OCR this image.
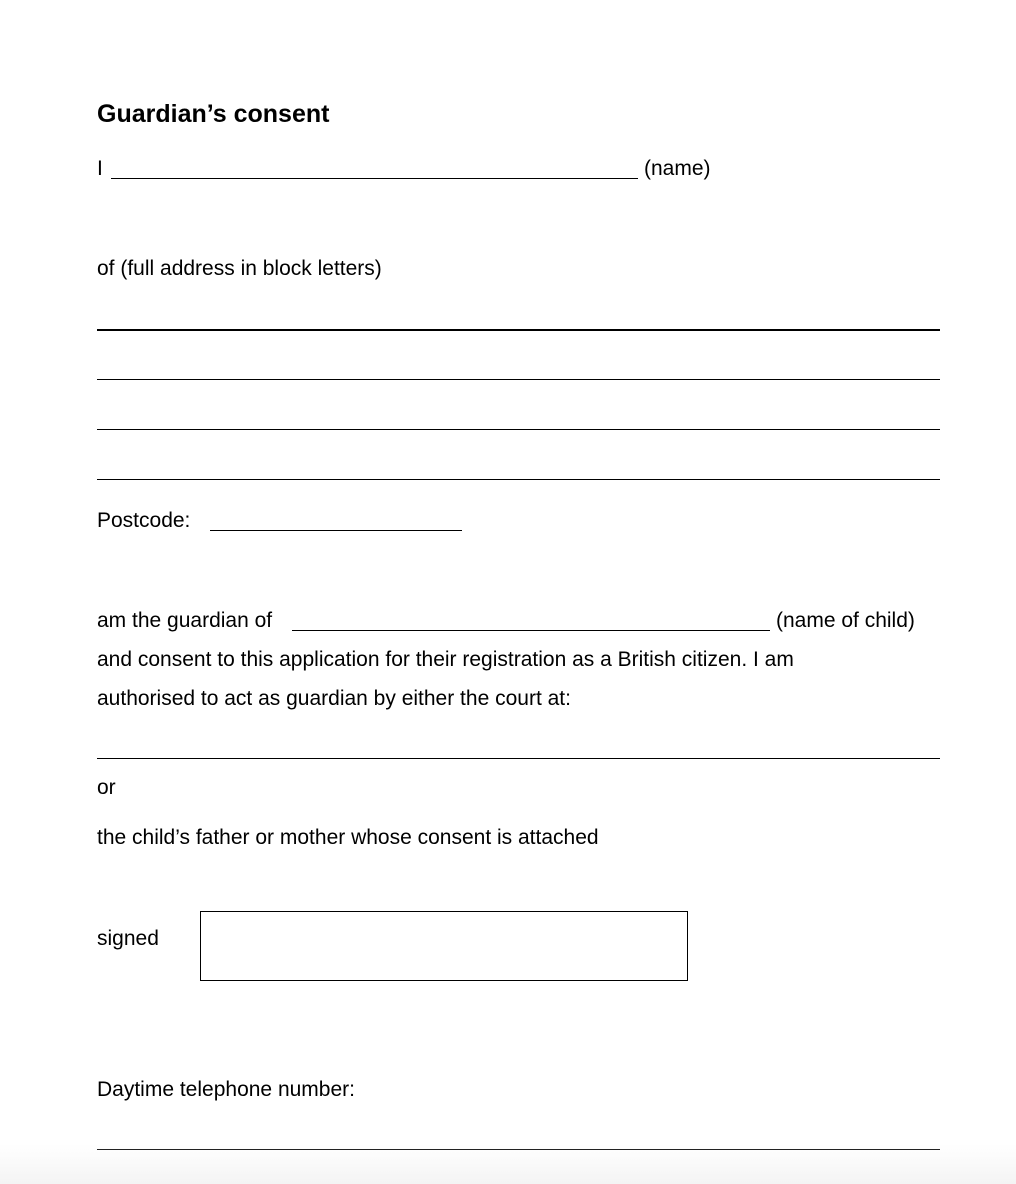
Guardian’s consent
I	(name)
of (full address in block letters)
Postcode:
am the guardian of	(name of child)
and consent to this application for their registration as a British citizen. I am
authorised to act as guardian by either the court at:
or
the child’s father or mother whose consent is attached
signed
Daytime telephone number:
